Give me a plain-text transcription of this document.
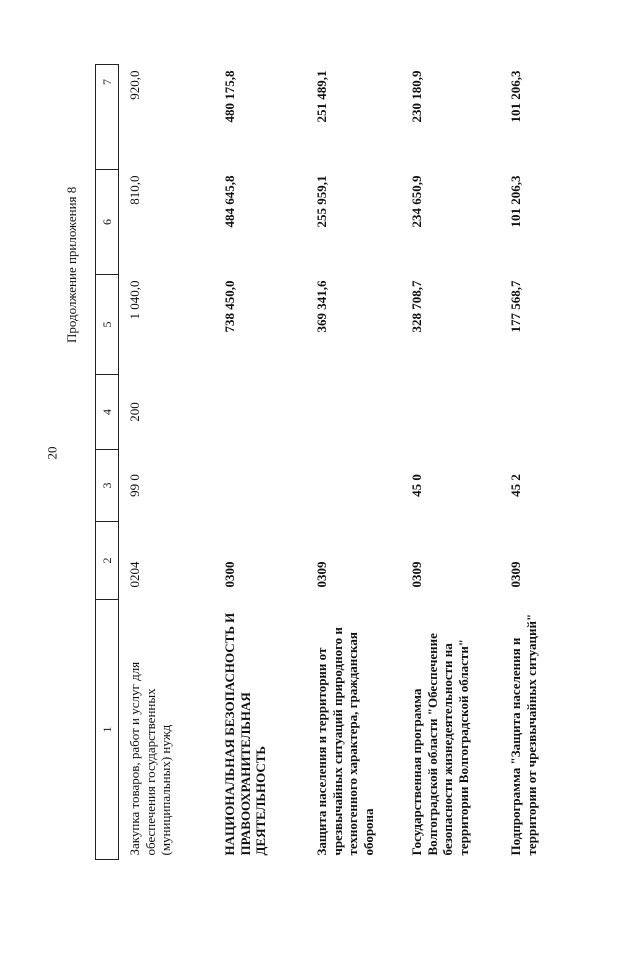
20
Продолжение приложения 8
1	2	3	4	5	6	7
Закупка товаров, работ и услуг для обеспечения государственных (муниципальных) нужд	0204	99 0	200	1 040,0	810,0	920,0
НАЦИОНАЛЬНАЯ БЕЗОПАСНОСТЬ И ПРАВООХРАНИТЕЛЬНАЯ ДЕЯТЕЛЬНОСТЬ	0300			738 450,0	484 645,8	480 175,8
Защита населения и территории от чрезвычайных ситуаций природного и техногенного характера, гражданская оборона	0309			369 341,6	255 959,1	251 489,1
Государственная программа Волгоградской области "Обеспечение безопасности жизнедеятельности на территории Волгоградской области"	0309	45 0		328 708,7	234 650,9	230 180,9
Подпрограмма "Защита населения и территории от чрезвычайных ситуаций"	0309	45 2		177 568,7	101 206,3	101 206,3
